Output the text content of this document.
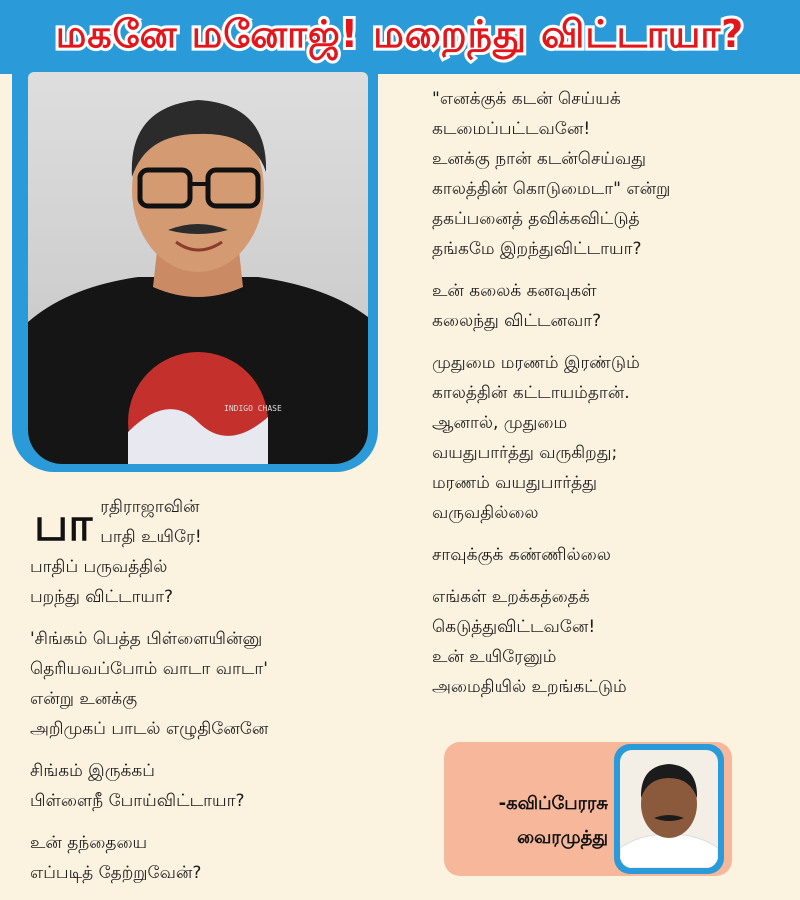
மகனே மனோஜ்! மறைந்து விட்டாயா?
INDIGO CHASE
பா ரதிராஜாவின்
பாதி உயிரே!
பாதிப் பருவத்தில்
பறந்து விட்டாயா?

'சிங்கம் பெத்த பிள்ளையின்னு
தெரியவப்போம் வாடா வாடா'
என்று உனக்கு
அறிமுகப் பாடல் எழுதினேனே

சிங்கம் இருக்கப்
பிள்ளைநீ போய்விட்டாயா?

உன் தந்தையை
எப்படித் தேற்றுவேன்?

"எனக்குக் கடன் செய்யக்
கடமைப்பட்டவனே!
உனக்கு நான் கடன்செய்வது
காலத்தின் கொடுமைடா" என்று
தகப்பனைத் தவிக்கவிட்டுத்
தங்கமே இறந்துவிட்டாயா?

உன் கலைக் கனவுகள்
கலைந்து விட்டனவா?

முதுமை மரணம் இரண்டும்
காலத்தின் கட்டாயம்தான்.
ஆனால், முதுமை
வயதுபார்த்து வருகிறது;
மரணம் வயதுபார்த்து
வருவதில்லை

சாவுக்குக் கண்ணில்லை

எங்கள் உறக்கத்தைக்
கெடுத்துவிட்டவனே!
உன் உயிரேனும்
அமைதியில் உறங்கட்டும்

-கவிப்பேரரசு
வைரமுத்து
